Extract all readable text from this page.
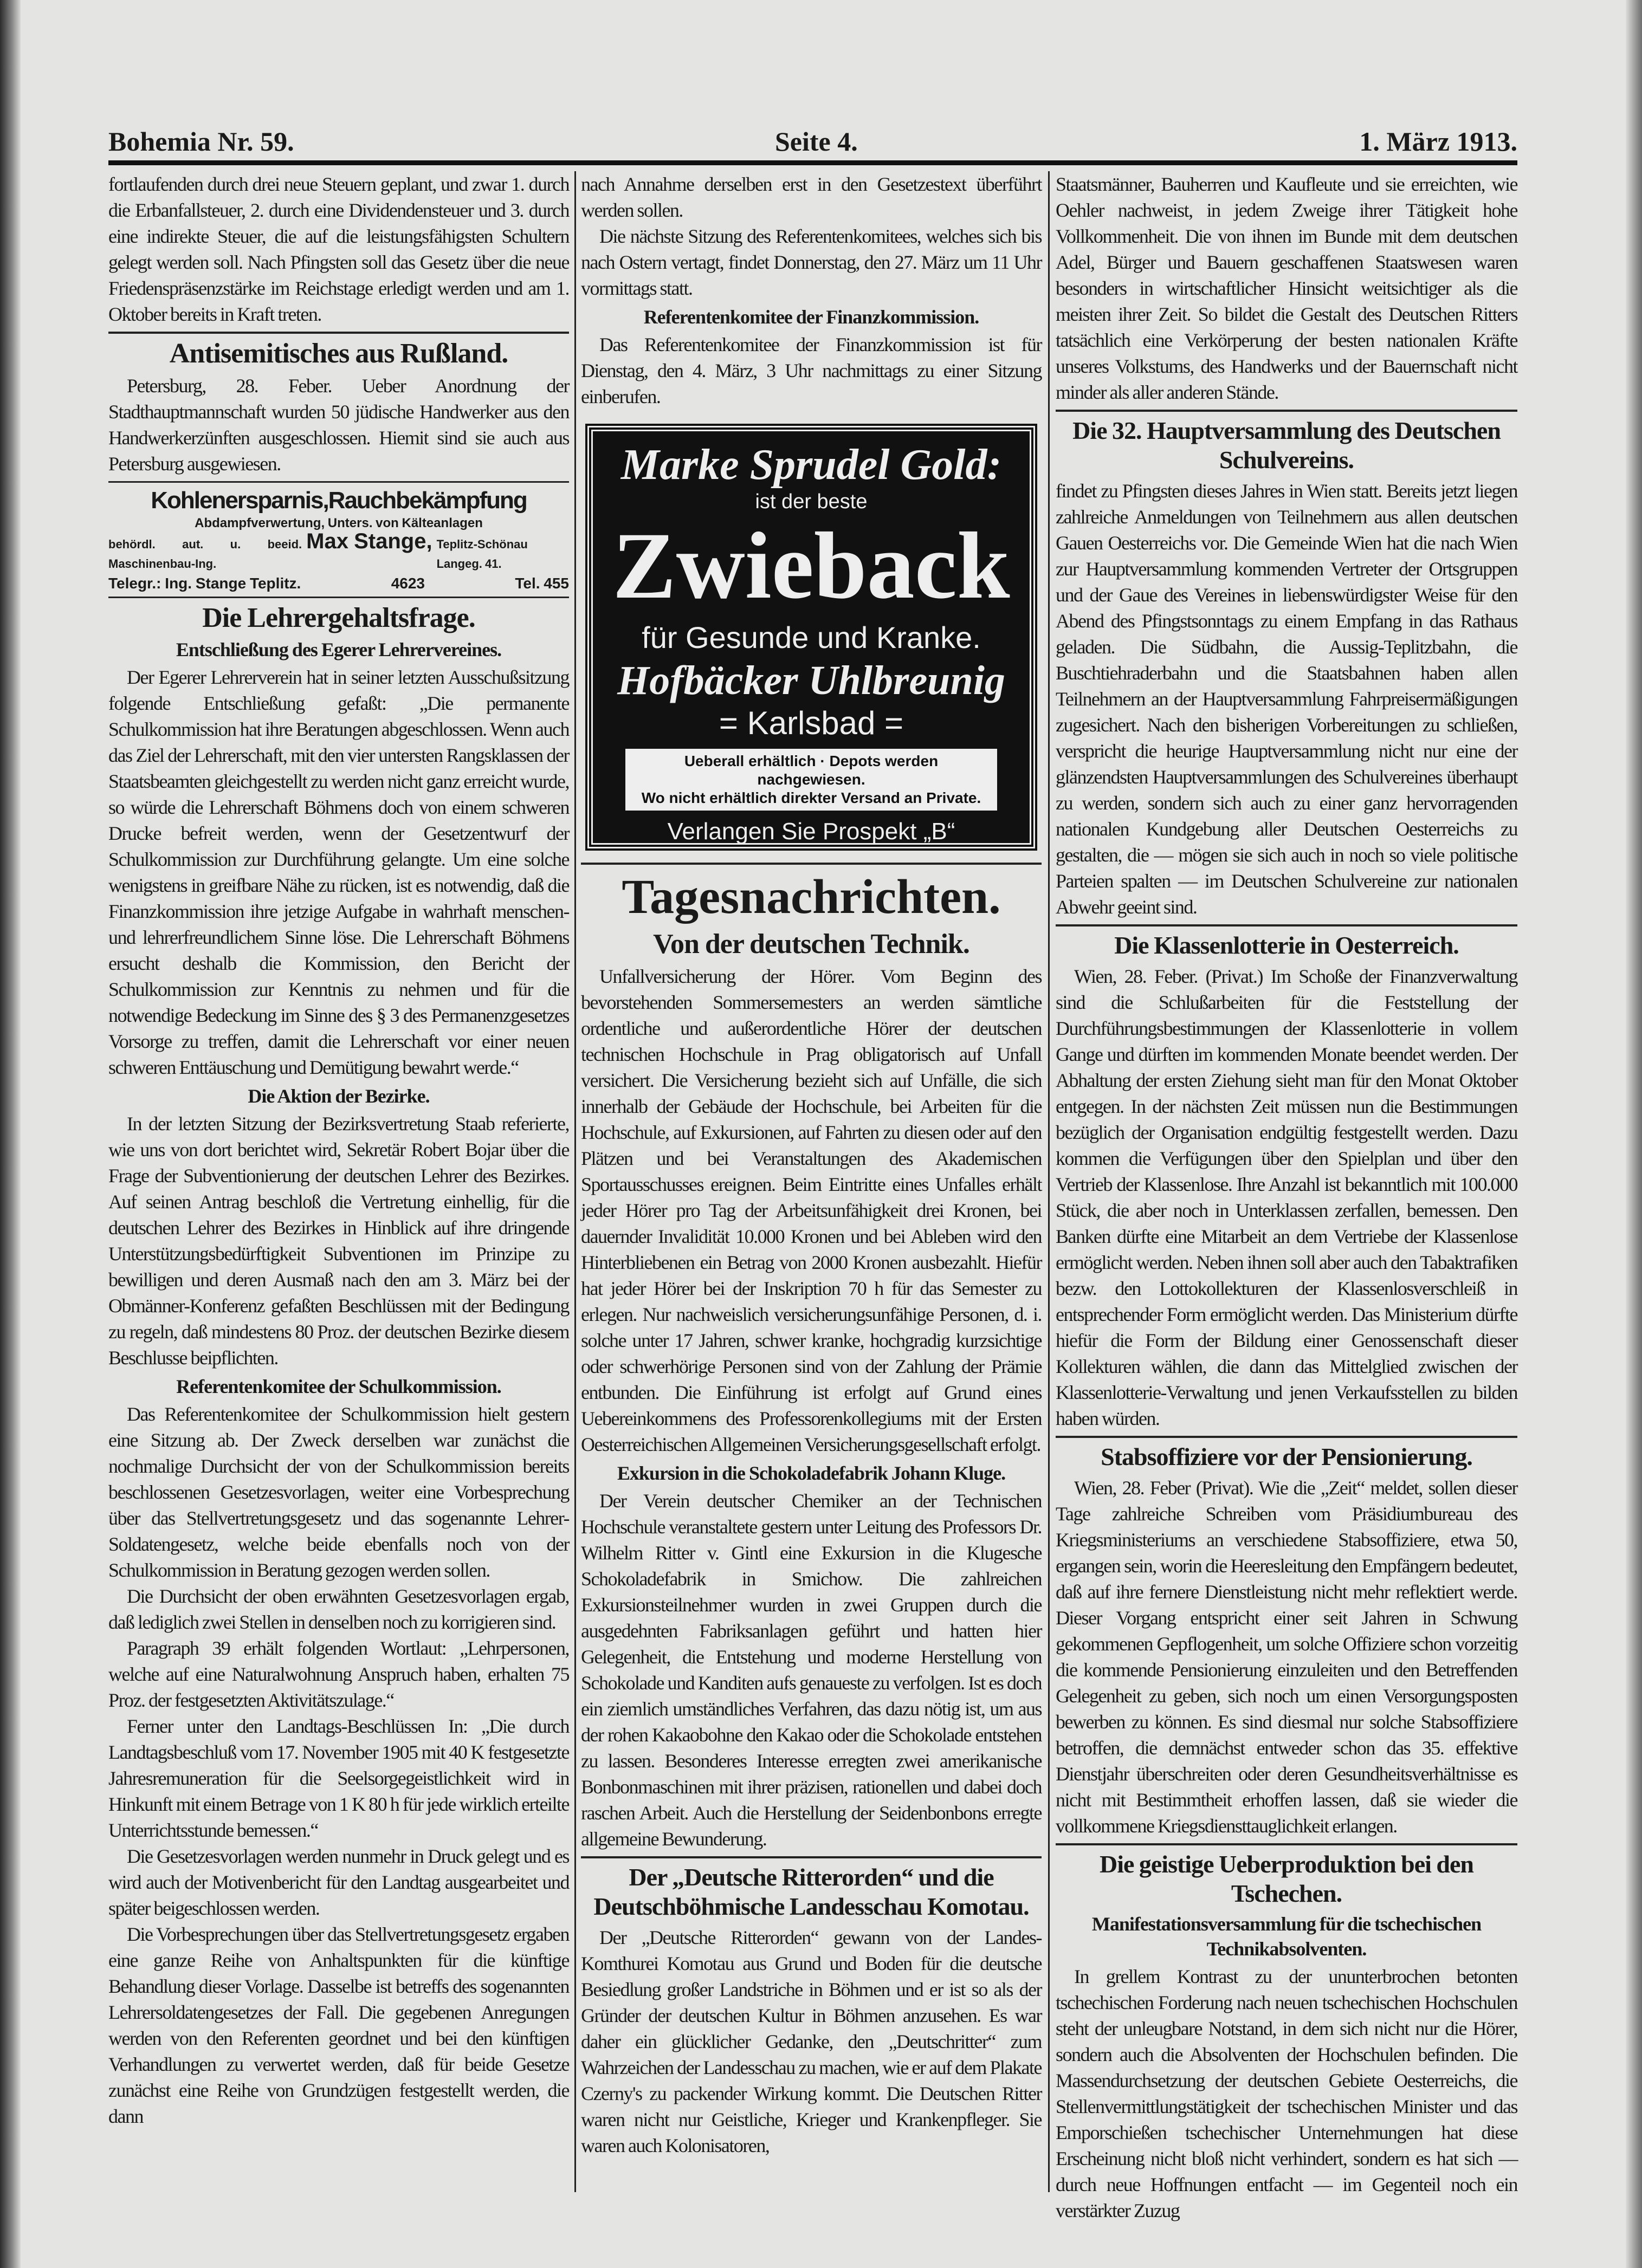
Bohemia Nr. 59.	Seite 4.	1. März 1913.

fortlaufenden durch drei neue Steuern geplant, und zwar 1. durch die Erbanfallsteuer, 2. durch eine Dividendensteuer und 3. durch eine indirekte Steuer, die auf die leistungsfähigsten Schultern gelegt werden soll. Nach Pfingsten soll das Gesetz über die neue Friedenspräsenzstärke im Reichstage erledigt werden und am 1. Oktober bereits in Kraft treten.

Antisemitisches aus Rußland.

Petersburg, 28. Feber. Ueber Anordnung der Stadthauptmannschaft wurden 50 jüdische Handwerker aus den Handwerkerzünften ausgeschlossen. Hiemit sind sie auch aus Petersburg ausgewiesen.

Kohlenersparnis,Rauchbekämpfung
Abdampfverwertung, Unters. von Kälteanlagen
behördl. aut. u. beeid. Maschinenbau-Ing.
Max Stange, Teplitz-Schönau Langeg. 41.
Telegr.: Ing. Stange Teplitz.	4623	Tel. 455
Die Lehrergehaltsfrage.
Entschließung des Egerer Lehrervereines.

Der Egerer Lehrerverein hat in seiner letzten Ausschußsitzung folgende Entschließung gefaßt: „Die permanente Schulkommission hat ihre Beratungen abgeschlossen. Wenn auch das Ziel der Lehrerschaft, mit den vier untersten Rangsklassen der Staatsbeamten gleichgestellt zu werden nicht ganz erreicht wurde, so würde die Lehrerschaft Böhmens doch von einem schweren Drucke befreit werden, wenn der Gesetzentwurf der Schulkommission zur Durchführung gelangte. Um eine solche wenigstens in greifbare Nähe zu rücken, ist es notwendig, daß die Finanzkommission ihre jetzige Aufgabe in wahrhaft menschen- und lehrerfreundlichem Sinne löse. Die Lehrerschaft Böhmens ersucht deshalb die Kommission, den Bericht der Schulkommission zur Kenntnis zu nehmen und für die notwendige Bedeckung im Sinne des § 3 des Permanenzgesetzes Vorsorge zu treffen, damit die Lehrerschaft vor einer neuen schweren Enttäuschung und Demütigung bewahrt werde.“

Die Aktion der Bezirke.

In der letzten Sitzung der Bezirksvertretung Staab referierte, wie uns von dort berichtet wird, Sekretär Robert Bojar über die Frage der Subventionierung der deutschen Lehrer des Bezirkes. Auf seinen Antrag beschloß die Vertretung einhellig, für die deutschen Lehrer des Bezirkes in Hinblick auf ihre dringende Unterstützungsbedürftigkeit Subventionen im Prinzipe zu bewilligen und deren Ausmaß nach den am 3. März bei der Obmänner-Konferenz gefaßten Beschlüssen mit der Bedingung zu regeln, daß mindestens 80 Proz. der deutschen Bezirke diesem Beschlusse beipflichten.

Referentenkomitee der Schulkommission.

Das Referentenkomitee der Schulkommission hielt gestern eine Sitzung ab. Der Zweck derselben war zunächst die nochmalige Durchsicht der von der Schulkommission bereits beschlossenen Gesetzesvorlagen, weiter eine Vorbesprechung über das Stellvertretungsgesetz und das sogenannte Lehrer-Soldatengesetz, welche beide ebenfalls noch von der Schulkommission in Beratung gezogen werden sollen.

Die Durchsicht der oben erwähnten Gesetzesvorlagen ergab, daß lediglich zwei Stellen in denselben noch zu korrigieren sind.

Paragraph 39 erhält folgenden Wortlaut: „Lehrpersonen, welche auf eine Naturalwohnung Anspruch haben, erhalten 75 Proz. der festgesetzten Aktivitätszulage.“

Ferner unter den Landtags-Beschlüssen In: „Die durch Landtagsbeschluß vom 17. November 1905 mit 40 K festgesetzte Jahresremuneration für die Seelsorgegeistlichkeit wird in Hinkunft mit einem Betrage von 1 K 80 h für jede wirklich erteilte Unterrichtsstunde bemessen.“

Die Gesetzesvorlagen werden nunmehr in Druck gelegt und es wird auch der Motivenbericht für den Landtag ausgearbeitet und später beigeschlossen werden.

Die Vorbesprechungen über das Stellvertretungsgesetz ergaben eine ganze Reihe von Anhaltspunkten für die künftige Behandlung dieser Vorlage. Dasselbe ist betreffs des sogenannten Lehrersoldatengesetzes der Fall. Die gegebenen Anregungen werden von den Referenten geordnet und bei den künftigen Verhandlungen zu verwertet werden, daß für beide Gesetze zunächst eine Reihe von Grundzügen festgestellt werden, die dann

nach Annahme derselben erst in den Gesetzestext überführt werden sollen.

Die nächste Sitzung des Referentenkomitees, welches sich bis nach Ostern vertagt, findet Donnerstag, den 27. März um 11 Uhr vormittags statt.

Referentenkomitee der Finanzkommission.

Das Referentenkomitee der Finanzkommission ist für Dienstag, den 4. März, 3 Uhr nachmittags zu einer Sitzung einberufen.

Marke Sprudel Gold:
ist der beste
Zwieback
für Gesunde und Kranke.
Hofbäcker Uhlbreunig
= Karlsbad =
Ueberall erhältlich · Depots werden nachgewiesen.
Wo nicht erhältlich direkter Versand an Private.
Verlangen Sie Prospekt „B“
Tagesnachrichten.
Von der deutschen Technik.

Unfallversicherung der Hörer. Vom Beginn des bevorstehenden Sommersemesters an werden sämtliche ordentliche und außerordentliche Hörer der deutschen technischen Hochschule in Prag obligatorisch auf Unfall versichert. Die Versicherung bezieht sich auf Unfälle, die sich innerhalb der Gebäude der Hochschule, bei Arbeiten für die Hochschule, auf Exkursionen, auf Fahrten zu diesen oder auf den Plätzen und bei Veranstaltungen des Akademischen Sportausschusses ereignen. Beim Eintritte eines Unfalles erhält jeder Hörer pro Tag der Arbeitsunfähigkeit drei Kronen, bei dauernder Invalidität 10.000 Kronen und bei Ableben wird den Hinterbliebenen ein Betrag von 2000 Kronen ausbezahlt. Hiefür hat jeder Hörer bei der Inskription 70 h für das Semester zu erlegen. Nur nachweislich versicherungsunfähige Personen, d. i. solche unter 17 Jahren, schwer kranke, hochgradig kurzsichtige oder schwerhörige Personen sind von der Zahlung der Prämie entbunden. Die Einführung ist erfolgt auf Grund eines Uebereinkommens des Professorenkollegiums mit der Ersten Oesterreichischen Allgemeinen Versicherungsgesellschaft erfolgt.

Exkursion in die Schokoladefabrik Johann Kluge.

Der Verein deutscher Chemiker an der Technischen Hochschule veranstaltete gestern unter Leitung des Professors Dr. Wilhelm Ritter v. Gintl eine Exkursion in die Klugesche Schokoladefabrik in Smichow. Die zahlreichen Exkursionsteilnehmer wurden in zwei Gruppen durch die ausgedehnten Fabriksanlagen geführt und hatten hier Gelegenheit, die Entstehung und moderne Herstellung von Schokolade und Kanditen aufs genaueste zu verfolgen. Ist es doch ein ziemlich umständliches Verfahren, das dazu nötig ist, um aus der rohen Kakaobohne den Kakao oder die Schokolade entstehen zu lassen. Besonderes Interesse erregten zwei amerikanische Bonbonmaschinen mit ihrer präzisen, rationellen und dabei doch raschen Arbeit. Auch die Herstellung der Seidenbonbons erregte allgemeine Bewunderung.

Der „Deutsche Ritterorden“ und die Deutschböhmische Landesschau Komotau.

Der „Deutsche Ritterorden“ gewann von der Landes-Komthurei Komotau aus Grund und Boden für die deutsche Besiedlung großer Landstriche in Böhmen und er ist so als der Gründer der deutschen Kultur in Böhmen anzusehen. Es war daher ein glücklicher Gedanke, den „Deutschritter“ zum Wahrzeichen der Landesschau zu machen, wie er auf dem Plakate Czerny's zu packender Wirkung kommt. Die Deutschen Ritter waren nicht nur Geistliche, Krieger und Krankenpfleger. Sie waren auch Kolonisatoren,

Staatsmänner, Bauherren und Kaufleute und sie erreichten, wie Oehler nachweist, in jedem Zweige ihrer Tätigkeit hohe Vollkommenheit. Die von ihnen im Bunde mit dem deutschen Adel, Bürger und Bauern geschaffenen Staatswesen waren besonders in wirtschaftlicher Hinsicht weitsichtiger als die meisten ihrer Zeit. So bildet die Gestalt des Deutschen Ritters tatsächlich eine Verkörperung der besten nationalen Kräfte unseres Volkstums, des Handwerks und der Bauernschaft nicht minder als aller anderen Stände.

Die 32. Hauptversammlung des Deutschen Schulvereins.

findet zu Pfingsten dieses Jahres in Wien statt. Bereits jetzt liegen zahlreiche Anmeldungen von Teilnehmern aus allen deutschen Gauen Oesterreichs vor. Die Gemeinde Wien hat die nach Wien zur Hauptversammlung kommenden Vertreter der Ortsgruppen und der Gaue des Vereines in liebenswürdigster Weise für den Abend des Pfingstsonntags zu einem Empfang in das Rathaus geladen. Die Südbahn, die Aussig-Teplitzbahn, die Buschtiehraderbahn und die Staatsbahnen haben allen Teilnehmern an der Hauptversammlung Fahrpreisermäßigungen zugesichert. Nach den bisherigen Vorbereitungen zu schließen, verspricht die heurige Hauptversammlung nicht nur eine der glänzendsten Hauptversammlungen des Schulvereines überhaupt zu werden, sondern sich auch zu einer ganz hervorragenden nationalen Kundgebung aller Deutschen Oesterreichs zu gestalten, die — mögen sie sich auch in noch so viele politische Parteien spalten — im Deutschen Schulvereine zur nationalen Abwehr geeint sind.

Die Klassenlotterie in Oesterreich.

Wien, 28. Feber. (Privat.) Im Schoße der Finanzverwaltung sind die Schlußarbeiten für die Feststellung der Durchführungsbestimmungen der Klassenlotterie in vollem Gange und dürften im kommenden Monate beendet werden. Der Abhaltung der ersten Ziehung sieht man für den Monat Oktober entgegen. In der nächsten Zeit müssen nun die Bestimmungen bezüglich der Organisation endgültig festgestellt werden. Dazu kommen die Verfügungen über den Spielplan und über den Vertrieb der Klassenlose. Ihre Anzahl ist bekanntlich mit 100.000 Stück, die aber noch in Unterklassen zerfallen, bemessen. Den Banken dürfte eine Mitarbeit an dem Vertriebe der Klassenlose ermöglicht werden. Neben ihnen soll aber auch den Tabaktrafiken bezw. den Lottokollekturen der Klassenlosverschleiß in entsprechender Form ermöglicht werden. Das Ministerium dürfte hiefür die Form der Bildung einer Genossenschaft dieser Kollekturen wählen, die dann das Mittelglied zwischen der Klassenlotterie-Verwaltung und jenen Verkaufsstellen zu bilden haben würden.

Stabsoffiziere vor der Pensionierung.

Wien, 28. Feber (Privat). Wie die „Zeit“ meldet, sollen dieser Tage zahlreiche Schreiben vom Präsidiumbureau des Kriegsministeriums an verschiedene Stabsoffiziere, etwa 50, ergangen sein, worin die Heeresleitung den Empfängern bedeutet, daß auf ihre fernere Dienstleistung nicht mehr reflektiert werde. Dieser Vorgang entspricht einer seit Jahren in Schwung gekommenen Gepflogenheit, um solche Offiziere schon vorzeitig die kommende Pensionierung einzuleiten und den Betreffenden Gelegenheit zu geben, sich noch um einen Versorgungsposten bewerben zu können. Es sind diesmal nur solche Stabsoffiziere betroffen, die demnächst entweder schon das 35. effektive Dienstjahr überschreiten oder deren Gesundheitsverhältnisse es nicht mit Bestimmtheit erhoffen lassen, daß sie wieder die vollkommene Kriegsdiensttauglichkeit erlangen.

Die geistige Ueberproduktion bei den Tschechen.
Manifestationsversammlung für die tschechischen Technikabsolventen.

In grellem Kontrast zu der ununterbrochen betonten tschechischen Forderung nach neuen tschechischen Hochschulen steht der unleugbare Notstand, in dem sich nicht nur die Hörer, sondern auch die Absolventen der Hochschulen befinden. Die Massendurchsetzung der deutschen Gebiete Oesterreichs, die Stellenvermittlungstätigkeit der tschechischen Minister und das Emporschießen tschechischer Unternehmungen hat diese Erscheinung nicht bloß nicht verhindert, sondern es hat sich — durch neue Hoffnungen entfacht — im Gegenteil noch ein verstärkter Zuzug
